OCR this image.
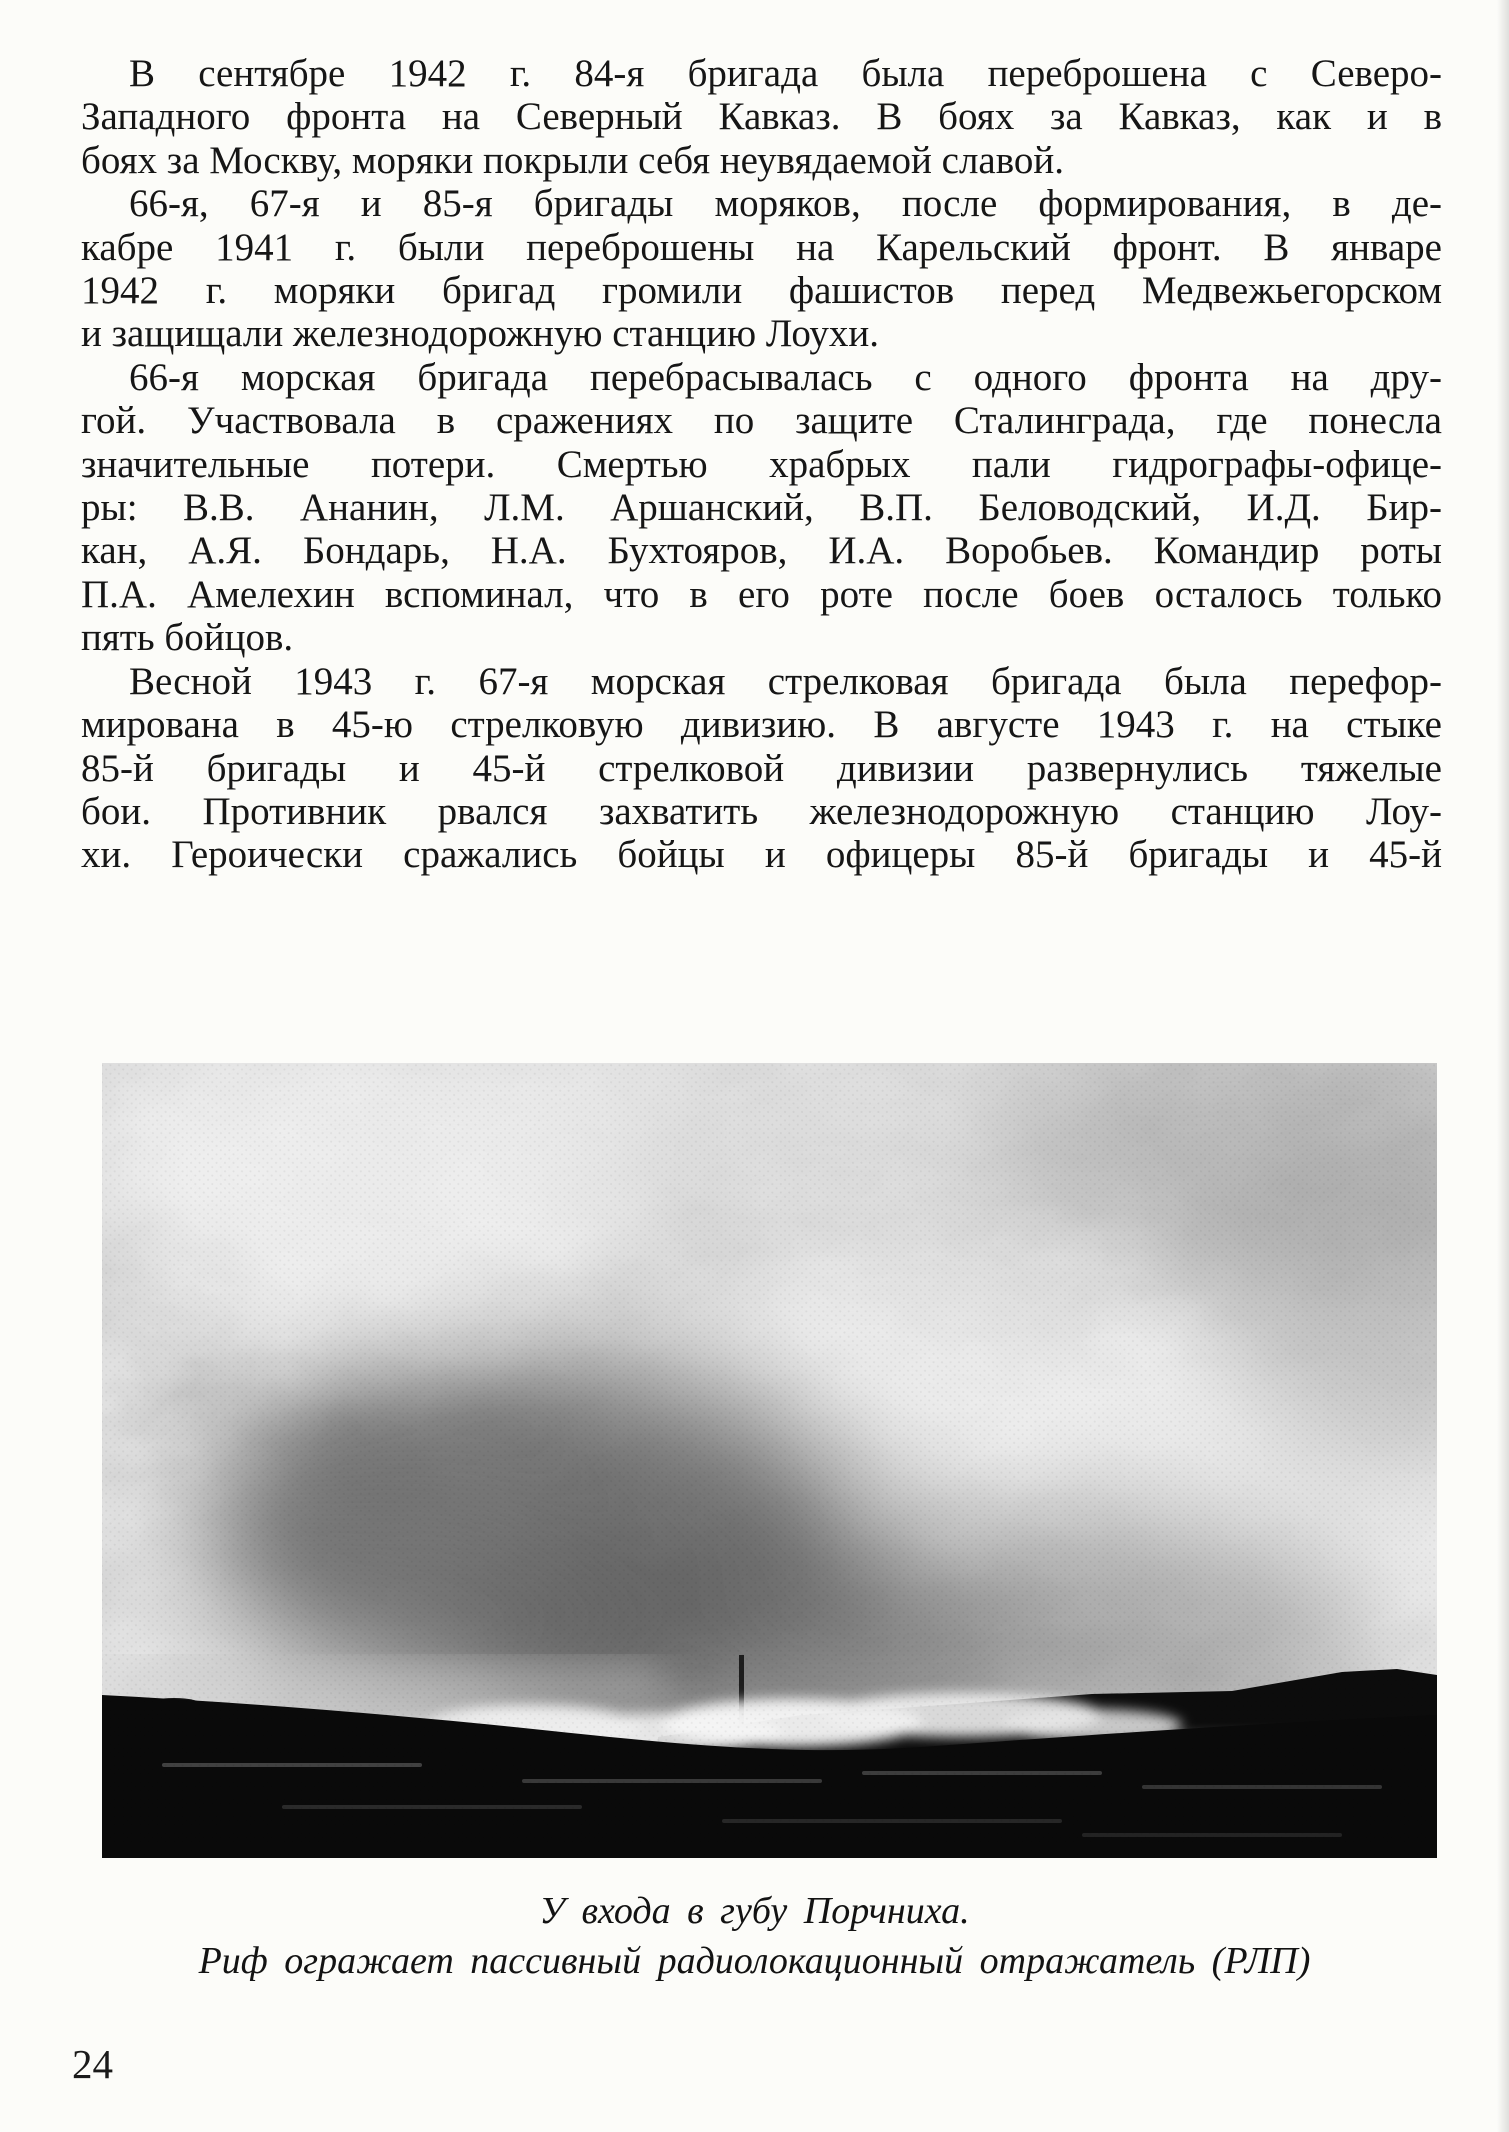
В сентябре 1942 г. 84-я бригада была переброшена с Северо-
Западного фронта на Северный Кавказ. В боях за Кавказ, как и в
боях за Москву, моряки покрыли себя неувядаемой славой.
66-я, 67-я и 85-я бригады моряков, после формирования, в де-
кабре 1941 г. были переброшены на Карельский фронт. В январе
1942 г. моряки бригад громили фашистов перед Медвежьегорском
и защищали железнодорожную станцию Лоухи.
66-я морская бригада перебрасывалась с одного фронта на дру-
гой. Участвовала в сражениях по защите Сталинграда, где понесла
значительные потери. Смертью храбрых пали гидрографы-офице-
ры: В.В. Ананин, Л.М. Аршанский, В.П. Беловодский, И.Д. Бир-
кан, А.Я. Бондарь, Н.А. Бухтояров, И.А. Воробьев. Командир роты
П.А. Амелехин вспоминал, что в его роте после боев осталось только
пять бойцов.
Весной 1943 г. 67-я морская стрелковая бригада была перефор-
мирована в 45-ю стрелковую дивизию. В августе 1943 г. на стыке
85-й бригады и 45-й стрелковой дивизии развернулись тяжелые
бои. Противник рвался захватить железнодорожную станцию Лоу-
хи. Героически сражались бойцы и офицеры 85-й бригады и 45-й
У входа в губу Порчниха.
Риф огражает пассивный радиолокационный отражатель (РЛП)
24
